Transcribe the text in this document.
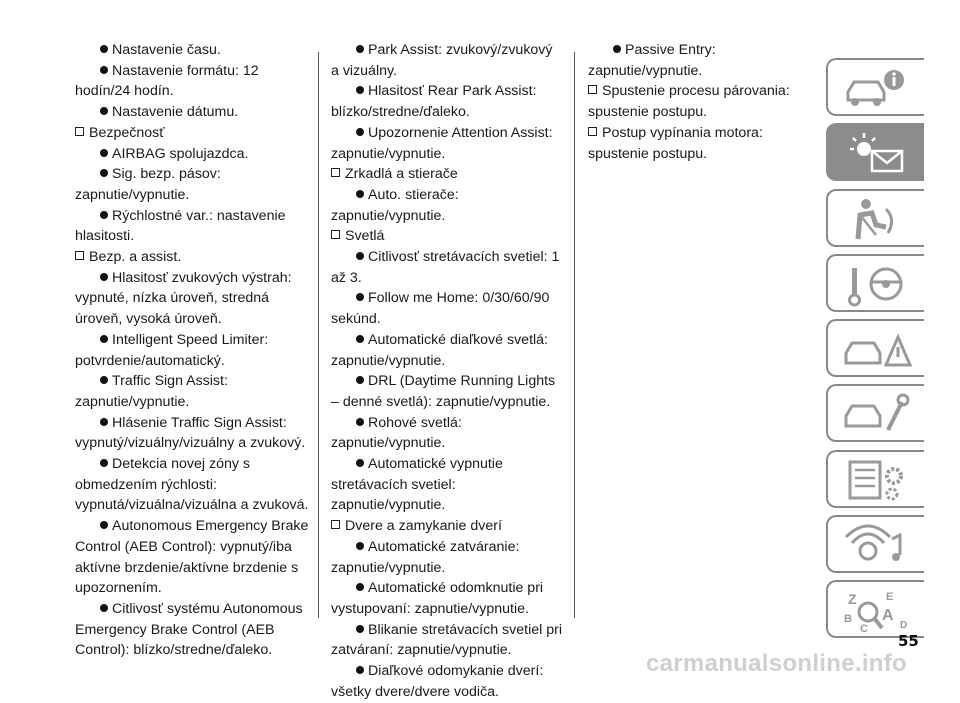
Nastavenie času.
Nastavenie formátu: 12 hodín/24 hodín.
Nastavenie dátumu.
Bezpečnosť
AIRBAG spolujazdca.
Sig. bezp. pásov: zapnutie/vypnutie.
Rýchlostné var.: nastavenie hlasitosti.
Bezp. a assist.
Hlasitosť zvukových výstrah: vypnuté, nízka úroveň, stredná úroveň, vysoká úroveň.
Intelligent Speed Limiter: potvrdenie/automatický.
Traffic Sign Assist: zapnutie/vypnutie.
Hlásenie Traffic Sign Assist: vypnutý/vizuálny/vizuálny a zvukový.
Detekcia novej zóny s obmedzením rýchlosti: vypnutá/vizuálna/vizuálna a zvuková.
Autonomous Emergency Brake Control (AEB Control): vypnutý/iba aktívne brzdenie/aktívne brzdenie s upozornením.
Citlivosť systému Autonomous Emergency Brake Control (AEB Control): blízko/stredne/ďaleko.
Park Assist: zvukový/zvukový a vizuálny.
Hlasitosť Rear Park Assist: blízko/stredne/ďaleko.
Upozornenie Attention Assist: zapnutie/vypnutie.
Zrkadlá a stierače
Auto. stierače: zapnutie/vypnutie.
Svetlá
Citlivosť stretávacích svetiel: 1 až 3.
Follow me Home: 0/30/60/90 sekúnd.
Automatické diaľkové svetlá: zapnutie/vypnutie.
DRL (Daytime Running Lights – denné svetlá): zapnutie/vypnutie.
Rohové svetlá: zapnutie/vypnutie.
Automatické vypnutie stretávacích svetiel: zapnutie/vypnutie.
Dvere a zamykanie dverí
Automatické zatváranie: zapnutie/vypnutie.
Automatické odomknutie pri vystupovaní: zapnutie/vypnutie.
Blikanie stretávacích svetiel pri zatváraní: zapnutie/vypnutie.
Diaľkové odomykanie dverí: všetky dvere/dvere vodiča.
Passive Entry: zapnutie/vypnutie.
Spustenie procesu párovania: spustenie postupu.
Postup vypínania motora: spustenie postupu.
Z	E
B A
C	D
55
carmanualsonline.info
